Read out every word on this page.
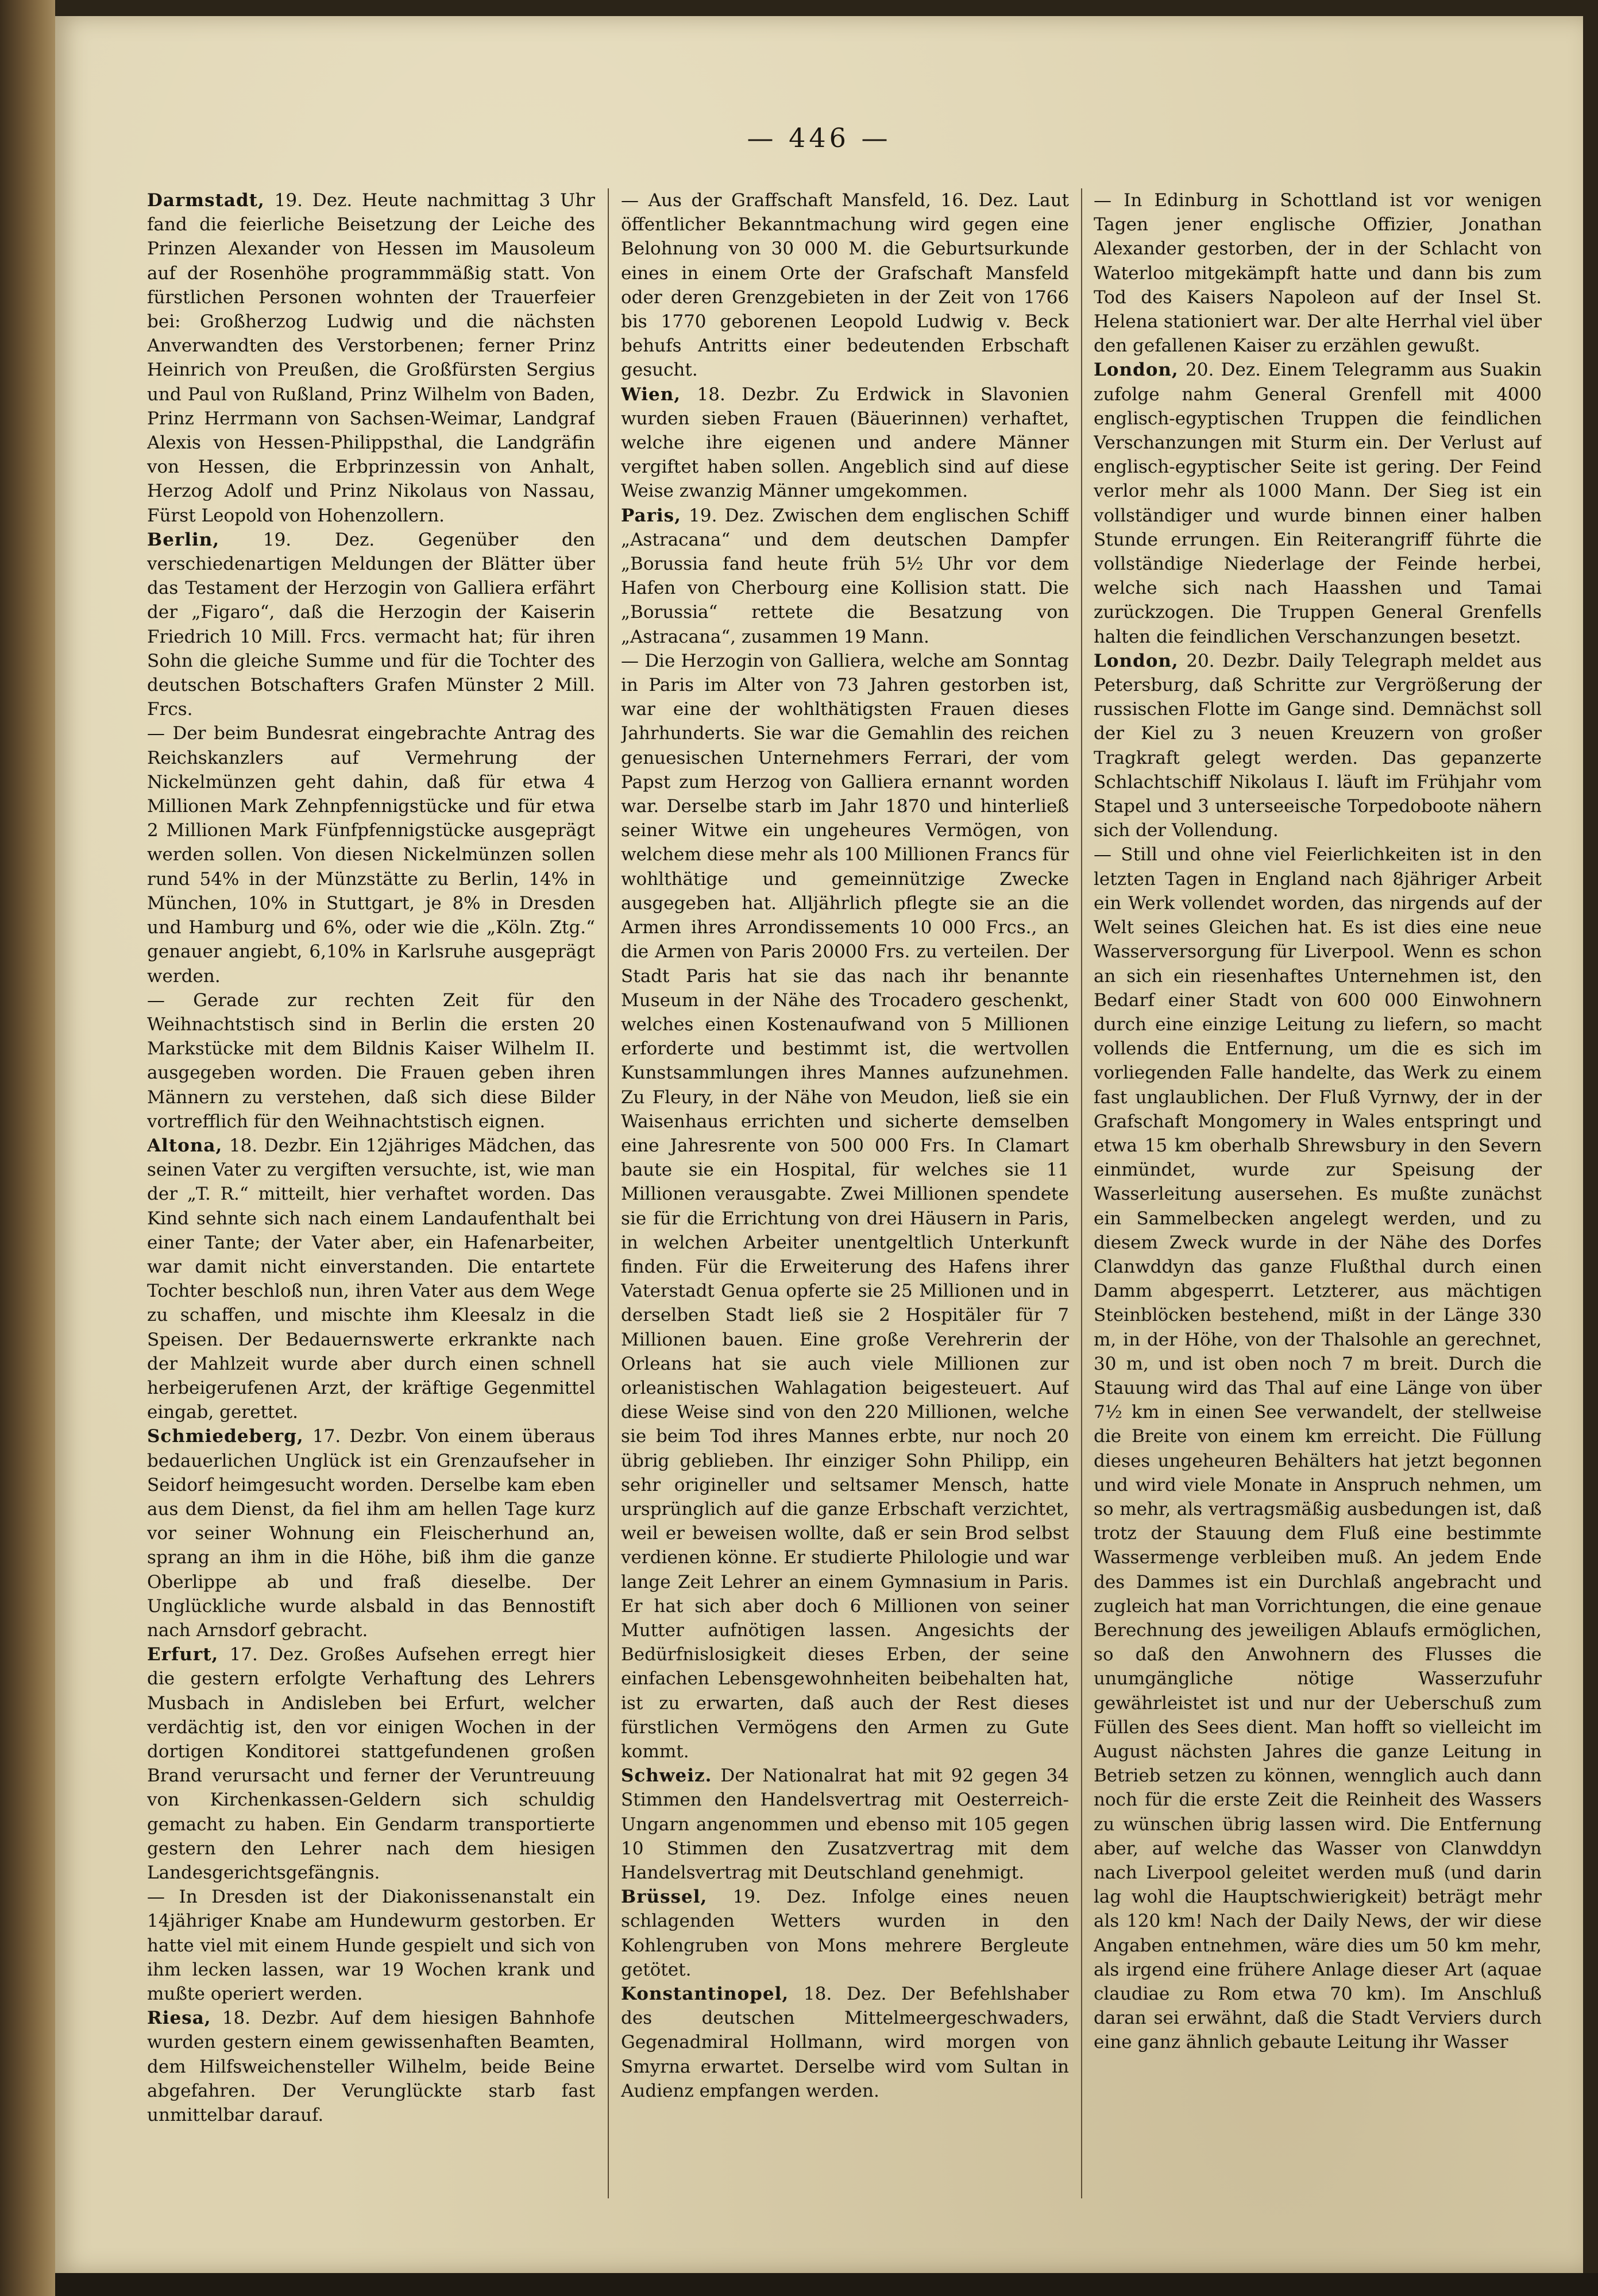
— 446 —

Darmstadt, 19. Dez. Heute nachmittag 3 Uhr fand die feierliche Beisetzung der Leiche des Prinzen Alexander von Hessen im Mausoleum auf der Rosenhöhe programmmäßig statt. Von fürstlichen Personen wohnten der Trauerfeier bei: Großherzog Ludwig und die nächsten Anverwandten des Verstorbenen; ferner Prinz Heinrich von Preußen, die Großfürsten Sergius und Paul von Rußland, Prinz Wilhelm von Baden, Prinz Herrmann von Sachsen-Weimar, Landgraf Alexis von Hessen-Philippsthal, die Landgräfin von Hessen, die Erbprinzessin von Anhalt, Herzog Adolf und Prinz Nikolaus von Nassau, Fürst Leopold von Hohenzollern.

Berlin, 19. Dez. Gegenüber den verschiedenartigen Meldungen der Blätter über das Testament der Herzogin von Galliera erfährt der „Figaro“, daß die Herzogin der Kaiserin Friedrich 10 Mill. Frcs. vermacht hat; für ihren Sohn die gleiche Summe und für die Tochter des deutschen Botschafters Grafen Münster 2 Mill. Frcs.

— Der beim Bundesrat eingebrachte Antrag des Reichskanzlers auf Vermehrung der Nickelmünzen geht dahin, daß für etwa 4 Millionen Mark Zehnpfennigstücke und für etwa 2 Millionen Mark Fünfpfennigstücke ausgeprägt werden sollen. Von diesen Nickelmünzen sollen rund 54% in der Münzstätte zu Berlin, 14% in München, 10% in Stuttgart, je 8% in Dresden und Hamburg und 6%, oder wie die „Köln. Ztg.“ genauer angiebt, 6,10% in Karlsruhe ausgeprägt werden.

— Gerade zur rechten Zeit für den Weihnachtstisch sind in Berlin die ersten 20 Markstücke mit dem Bildnis Kaiser Wilhelm II. ausgegeben worden. Die Frauen geben ihren Männern zu verstehen, daß sich diese Bilder vortrefflich für den Weihnachtstisch eignen.

Altona, 18. Dezbr. Ein 12jähriges Mädchen, das seinen Vater zu vergiften versuchte, ist, wie man der „T. R.“ mitteilt, hier verhaftet worden. Das Kind sehnte sich nach einem Landaufenthalt bei einer Tante; der Vater aber, ein Hafenarbeiter, war damit nicht einverstanden. Die entartete Tochter beschloß nun, ihren Vater aus dem Wege zu schaffen, und mischte ihm Kleesalz in die Speisen. Der Bedauernswerte erkrankte nach der Mahlzeit wurde aber durch einen schnell herbeigerufenen Arzt, der kräftige Gegenmittel eingab, gerettet.

Schmiedeberg, 17. Dezbr. Von einem überaus bedauerlichen Unglück ist ein Grenzaufseher in Seidorf heimgesucht worden. Derselbe kam eben aus dem Dienst, da fiel ihm am hellen Tage kurz vor seiner Wohnung ein Fleischerhund an, sprang an ihm in die Höhe, biß ihm die ganze Oberlippe ab und fraß dieselbe. Der Unglückliche wurde alsbald in das Bennostift nach Arnsdorf gebracht.

Erfurt, 17. Dez. Großes Aufsehen erregt hier die gestern erfolgte Verhaftung des Lehrers Musbach in Andisleben bei Erfurt, welcher verdächtig ist, den vor einigen Wochen in der dortigen Konditorei stattgefundenen großen Brand verursacht und ferner der Veruntreuung von Kirchenkassen-Geldern sich schuldig gemacht zu haben. Ein Gendarm transportierte gestern den Lehrer nach dem hiesigen Landesgerichtsgefängnis.

— In Dresden ist der Diakonissenanstalt ein 14jähriger Knabe am Hundewurm gestorben. Er hatte viel mit einem Hunde gespielt und sich von ihm lecken lassen, war 19 Wochen krank und mußte operiert werden.

Riesa, 18. Dezbr. Auf dem hiesigen Bahnhofe wurden gestern einem gewissenhaften Beamten, dem Hilfsweichensteller Wilhelm, beide Beine abgefahren. Der Verunglückte starb fast unmittelbar darauf.

— Aus der Graffschaft Mansfeld, 16. Dez. Laut öffentlicher Bekanntmachung wird gegen eine Belohnung von 30 000 M. die Geburtsurkunde eines in einem Orte der Grafschaft Mansfeld oder deren Grenzgebieten in der Zeit von 1766 bis 1770 geborenen Leopold Ludwig v. Beck behufs Antritts einer bedeutenden Erbschaft gesucht.

Wien, 18. Dezbr. Zu Erdwick in Slavonien wurden sieben Frauen (Bäuerinnen) verhaftet, welche ihre eigenen und andere Männer vergiftet haben sollen. Angeblich sind auf diese Weise zwanzig Männer umgekommen.

Paris, 19. Dez. Zwischen dem englischen Schiff „Astracana“ und dem deutschen Dampfer „Borussia fand heute früh 5½ Uhr vor dem Hafen von Cherbourg eine Kollision statt. Die „Borussia“ rettete die Besatzung von „Astracana“, zusammen 19 Mann.

— Die Herzogin von Galliera, welche am Sonntag in Paris im Alter von 73 Jahren gestorben ist, war eine der wohlthätigsten Frauen dieses Jahrhunderts. Sie war die Gemahlin des reichen genuesischen Unternehmers Ferrari, der vom Papst zum Herzog von Galliera ernannt worden war. Derselbe starb im Jahr 1870 und hinterließ seiner Witwe ein ungeheures Vermögen, von welchem diese mehr als 100 Millionen Francs für wohlthätige und gemeinnützige Zwecke ausgegeben hat. Alljährlich pflegte sie an die Armen ihres Arrondissements 10 000 Frcs., an die Armen von Paris 20000 Frs. zu verteilen. Der Stadt Paris hat sie das nach ihr benannte Museum in der Nähe des Trocadero geschenkt, welches einen Kostenaufwand von 5 Millionen erforderte und bestimmt ist, die wertvollen Kunstsammlungen ihres Mannes aufzunehmen. Zu Fleury, in der Nähe von Meudon, ließ sie ein Waisenhaus errichten und sicherte demselben eine Jahresrente von 500 000 Frs. In Clamart baute sie ein Hospital, für welches sie 11 Millionen verausgabte. Zwei Millionen spendete sie für die Errichtung von drei Häusern in Paris, in welchen Arbeiter unentgeltlich Unterkunft finden. Für die Erweiterung des Hafens ihrer Vaterstadt Genua opferte sie 25 Millionen und in derselben Stadt ließ sie 2 Hospitäler für 7 Millionen bauen. Eine große Verehrerin der Orleans hat sie auch viele Millionen zur orleanistischen Wahlagation beigesteuert. Auf diese Weise sind von den 220 Millionen, welche sie beim Tod ihres Mannes erbte, nur noch 20 übrig geblieben. Ihr einziger Sohn Philipp, ein sehr origineller und seltsamer Mensch, hatte ursprünglich auf die ganze Erbschaft verzichtet, weil er beweisen wollte, daß er sein Brod selbst verdienen könne. Er studierte Philologie und war lange Zeit Lehrer an einem Gymnasium in Paris. Er hat sich aber doch 6 Millionen von seiner Mutter aufnötigen lassen. Angesichts der Bedürfnislosigkeit dieses Erben, der seine einfachen Lebensgewohnheiten beibehalten hat, ist zu erwarten, daß auch der Rest dieses fürstlichen Vermögens den Armen zu Gute kommt.

Schweiz. Der Nationalrat hat mit 92 gegen 34 Stimmen den Handelsvertrag mit Oesterreich-Ungarn angenommen und ebenso mit 105 gegen 10 Stimmen den Zusatzvertrag mit dem Handelsvertrag mit Deutschland genehmigt.

Brüssel, 19. Dez. Infolge eines neuen schlagenden Wetters wurden in den Kohlengruben von Mons mehrere Bergleute getötet.

Konstantinopel, 18. Dez. Der Befehlshaber des deutschen Mittelmeergeschwaders, Gegenadmiral Hollmann, wird morgen von Smyrna erwartet. Derselbe wird vom Sultan in Audienz empfangen werden.

— In Edinburg in Schottland ist vor wenigen Tagen jener englische Offizier, Jonathan Alexander gestorben, der in der Schlacht von Waterloo mitgekämpft hatte und dann bis zum Tod des Kaisers Napoleon auf der Insel St. Helena stationiert war. Der alte Herrhal viel über den gefallenen Kaiser zu erzählen gewußt.

London, 20. Dez. Einem Telegramm aus Suakin zufolge nahm General Grenfell mit 4000 englisch-egyptischen Truppen die feindlichen Verschanzungen mit Sturm ein. Der Verlust auf englisch-egyptischer Seite ist gering. Der Feind verlor mehr als 1000 Mann. Der Sieg ist ein vollständiger und wurde binnen einer halben Stunde errungen. Ein Reiterangriff führte die vollständige Niederlage der Feinde herbei, welche sich nach Haasshen und Tamai zurückzogen. Die Truppen General Grenfells halten die feindlichen Verschanzungen besetzt.

London, 20. Dezbr. Daily Telegraph meldet aus Petersburg, daß Schritte zur Vergrößerung der russischen Flotte im Gange sind. Demnächst soll der Kiel zu 3 neuen Kreuzern von großer Tragkraft gelegt werden. Das gepanzerte Schlachtschiff Nikolaus I. läuft im Frühjahr vom Stapel und 3 unterseeische Torpedoboote nähern sich der Vollendung.

— Still und ohne viel Feierlichkeiten ist in den letzten Tagen in England nach 8jähriger Arbeit ein Werk vollendet worden, das nirgends auf der Welt seines Gleichen hat. Es ist dies eine neue Wasserversorgung für Liverpool. Wenn es schon an sich ein riesenhaftes Unternehmen ist, den Bedarf einer Stadt von 600 000 Einwohnern durch eine einzige Leitung zu liefern, so macht vollends die Entfernung, um die es sich im vorliegenden Falle handelte, das Werk zu einem fast unglaublichen. Der Fluß Vyrnwy, der in der Grafschaft Mongomery in Wales entspringt und etwa 15 km oberhalb Shrewsbury in den Severn einmündet, wurde zur Speisung der Wasserleitung ausersehen. Es mußte zunächst ein Sammelbecken angelegt werden, und zu diesem Zweck wurde in der Nähe des Dorfes Clanwddyn das ganze Flußthal durch einen Damm abgesperrt. Letzterer, aus mächtigen Steinblöcken bestehend, mißt in der Länge 330 m, in der Höhe, von der Thalsohle an gerechnet, 30 m, und ist oben noch 7 m breit. Durch die Stauung wird das Thal auf eine Länge von über 7½ km in einen See verwandelt, der stellweise die Breite von einem km erreicht. Die Füllung dieses ungeheuren Behälters hat jetzt begonnen und wird viele Monate in Anspruch nehmen, um so mehr, als vertragsmäßig ausbedungen ist, daß trotz der Stauung dem Fluß eine bestimmte Wassermenge verbleiben muß. An jedem Ende des Dammes ist ein Durchlaß angebracht und zugleich hat man Vorrichtungen, die eine genaue Berechnung des jeweiligen Ablaufs ermöglichen, so daß den Anwohnern des Flusses die unumgängliche nötige Wasserzufuhr gewährleistet ist und nur der Ueberschuß zum Füllen des Sees dient. Man hofft so vielleicht im August nächsten Jahres die ganze Leitung in Betrieb setzen zu können, wennglich auch dann noch für die erste Zeit die Reinheit des Wassers zu wünschen übrig lassen wird. Die Entfernung aber, auf welche das Wasser von Clanwddyn nach Liverpool geleitet werden muß (und darin lag wohl die Hauptschwierigkeit) beträgt mehr als 120 km! Nach der Daily News, der wir diese Angaben entnehmen, wäre dies um 50 km mehr, als irgend eine frühere Anlage dieser Art (aquae claudiae zu Rom etwa 70 km). Im Anschluß daran sei erwähnt, daß die Stadt Verviers durch eine ganz ähnlich gebaute Leitung ihr Wasser
